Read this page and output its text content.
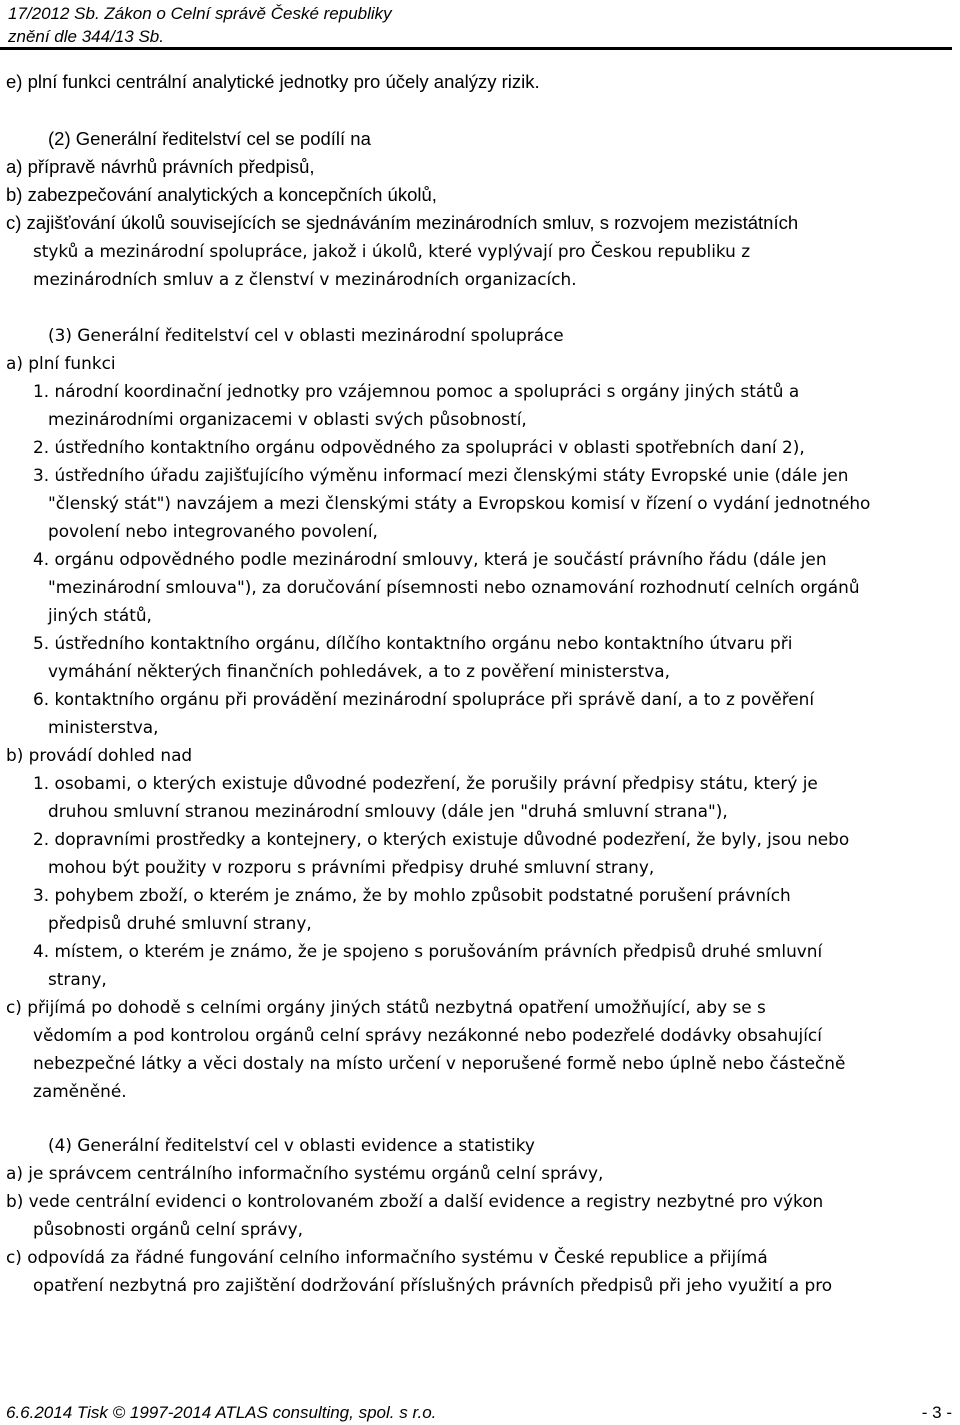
17/2012 Sb. Zákon o Celní správě České republiky
znění dle 344/13 Sb.
e) plní funkci centrální analytické jednotky pro účely analýzy rizik.
(2) Generální ředitelství cel se podílí na
a) přípravě návrhů právních předpisů,
b) zabezpečování analytických a koncepčních úkolů,
c) zajišťování úkolů souvisejících se sjednáváním mezinárodních smluv, s rozvojem mezistátních
styků a mezinárodní spolupráce, jakož i úkolů, které vyplývají pro Českou republiku z
mezinárodních smluv a z členství v mezinárodních organizacích.
(3) Generální ředitelství cel v oblasti mezinárodní spolupráce
a) plní funkci
1. národní koordinační jednotky pro vzájemnou pomoc a spolupráci s orgány jiných států a
mezinárodními organizacemi v oblasti svých působností,
2. ústředního kontaktního orgánu odpovědného za spolupráci v oblasti spotřebních daní 2),
3. ústředního úřadu zajišťujícího výměnu informací mezi členskými státy Evropské unie (dále jen
"členský stát") navzájem a mezi členskými státy a Evropskou komisí v řízení o vydání jednotného
povolení nebo integrovaného povolení,
4. orgánu odpovědného podle mezinárodní smlouvy, která je součástí právního řádu (dále jen
"mezinárodní smlouva"), za doručování písemnosti nebo oznamování rozhodnutí celních orgánů
jiných států,
5. ústředního kontaktního orgánu, dílčího kontaktního orgánu nebo kontaktního útvaru při
vymáhání některých finančních pohledávek, a to z pověření ministerstva,
6. kontaktního orgánu při provádění mezinárodní spolupráce při správě daní, a to z pověření
ministerstva,
b) provádí dohled nad
1. osobami, o kterých existuje důvodné podezření, že porušily právní předpisy státu, který je
druhou smluvní stranou mezinárodní smlouvy (dále jen "druhá smluvní strana"),
2. dopravními prostředky a kontejnery, o kterých existuje důvodné podezření, že byly, jsou nebo
mohou být použity v rozporu s právními předpisy druhé smluvní strany,
3. pohybem zboží, o kterém je známo, že by mohlo způsobit podstatné porušení právních
předpisů druhé smluvní strany,
4. místem, o kterém je známo, že je spojeno s porušováním právních předpisů druhé smluvní
strany,
c) přijímá po dohodě s celními orgány jiných států nezbytná opatření umožňující, aby se s
vědomím a pod kontrolou orgánů celní správy nezákonné nebo podezřelé dodávky obsahující
nebezpečné látky a věci dostaly na místo určení v neporušené formě nebo úplně nebo částečně
zaměněné.
(4) Generální ředitelství cel v oblasti evidence a statistiky
a) je správcem centrálního informačního systému orgánů celní správy,
b) vede centrální evidenci o kontrolovaném zboží a další evidence a registry nezbytné pro výkon
působnosti orgánů celní správy,
c) odpovídá za řádné fungování celního informačního systému v České republice a přijímá
opatření nezbytná pro zajištění dodržování příslušných právních předpisů při jeho využití a pro
6.6.2014 Tisk © 1997-2014 ATLAS consulting, spol. s r.o.	- 3 -
